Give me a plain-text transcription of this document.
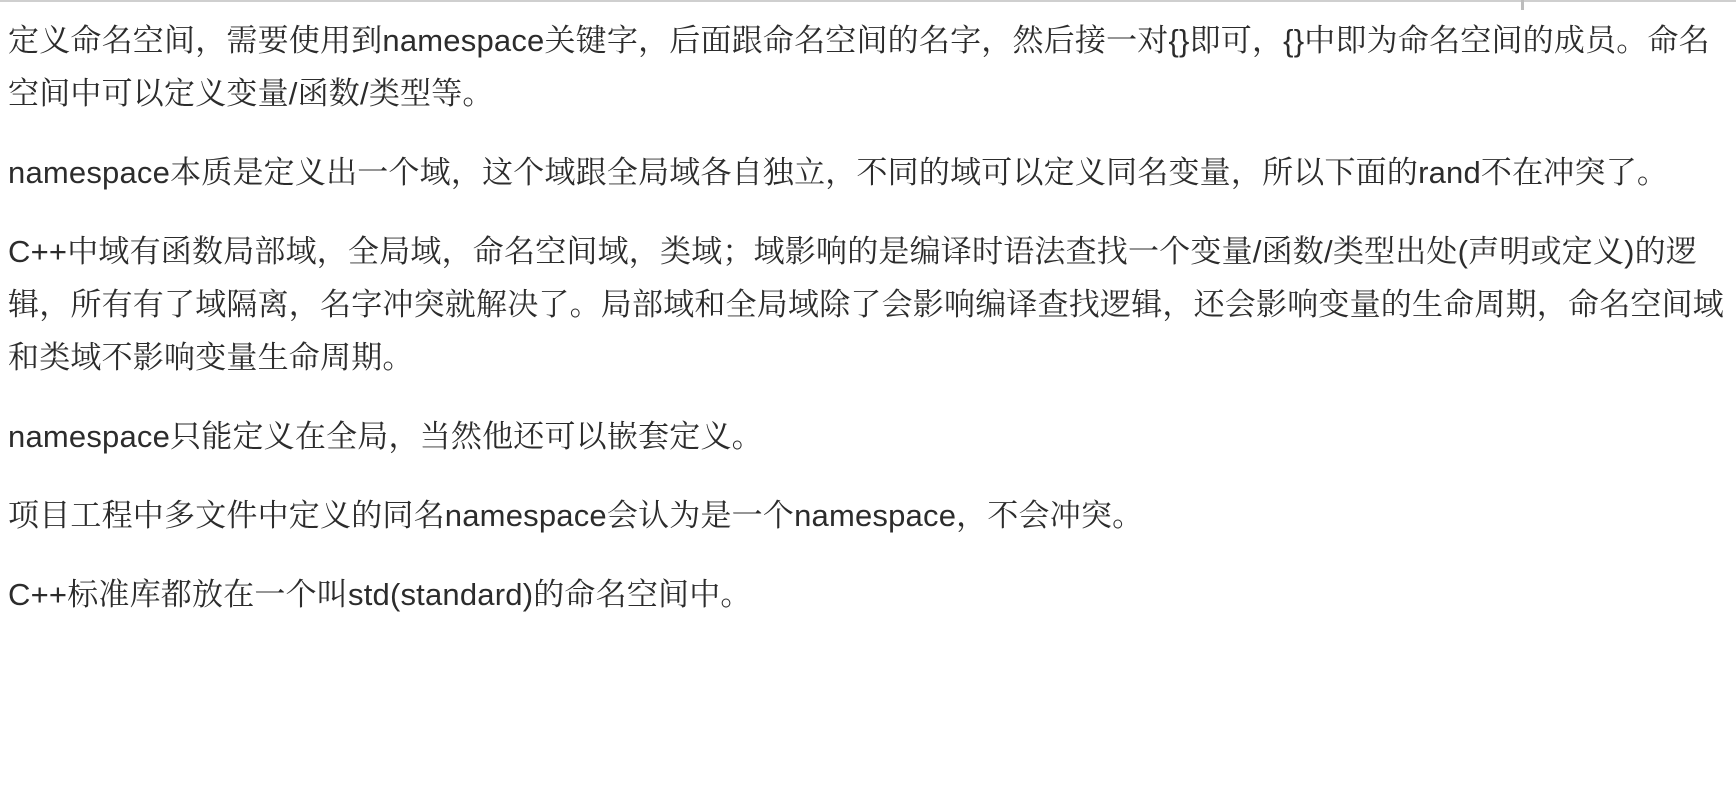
定义命名空间，需要使用到namespace关键字，后面跟命名空间的名字，然后接一对{}即可，{}中即为命名空间的成员。命名空间中可以定义变量/函数/类型等。

namespace本质是定义出一个域，这个域跟全局域各自独立，不同的域可以定义同名变量，所以下面的rand不在冲突了。

C++中域有函数局部域，全局域，命名空间域，类域；域影响的是编译时语法查找一个变量/函数/类型出处(声明或定义)的逻辑，所有有了域隔离，名字冲突就解决了。局部域和全局域除了会影响编译查找逻辑，还会影响变量的生命周期，命名空间域和类域不影响变量生命周期。

namespace只能定义在全局，当然他还可以嵌套定义。

项目工程中多文件中定义的同名namespace会认为是一个namespace，不会冲突。

C++标准库都放在一个叫std(standard)的命名空间中。
